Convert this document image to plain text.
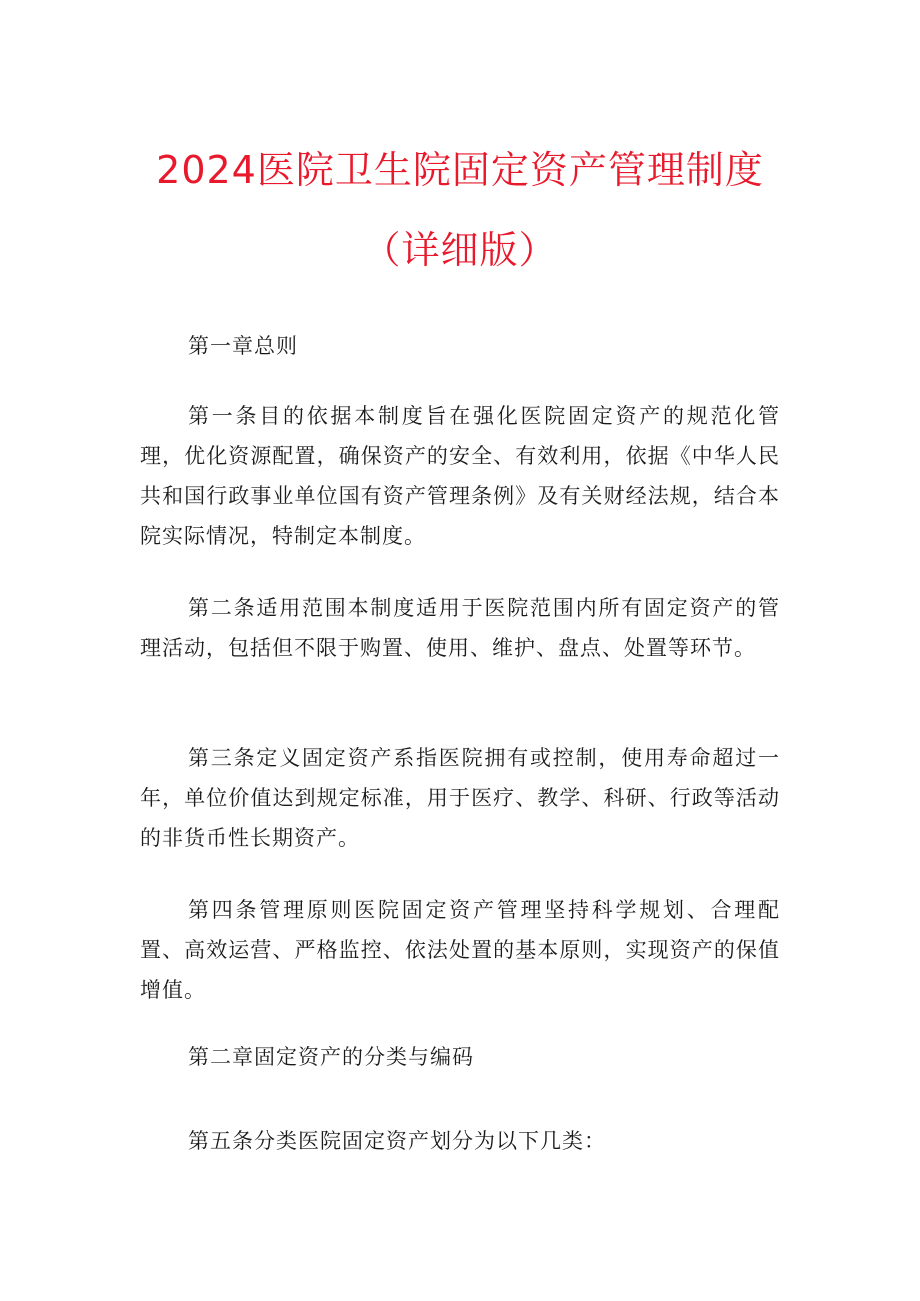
2024医院卫生院固定资产管理制度
（详细版）
第一章总则

第一条目的依据本制度旨在强化医院固定资产的规范化管理，优化资源配置，确保资产的安全、有效利用，依据《中华人民共和国行政事业单位国有资产管理条例》及有关财经法规，结合本院实际情况，特制定本制度。

第二条适用范围本制度适用于医院范围内所有固定资产的管理活动，包括但不限于购置、使用、维护、盘点、处置等环节。

第三条定义固定资产系指医院拥有或控制，使用寿命超过一年，单位价值达到规定标准，用于医疗、教学、科研、行政等活动的非货币性长期资产。

第四条管理原则医院固定资产管理坚持科学规划、合理配置、高效运营、严格监控、依法处置的基本原则，实现资产的保值增值。

第二章固定资产的分类与编码

第五条分类医院固定资产划分为以下几类：
